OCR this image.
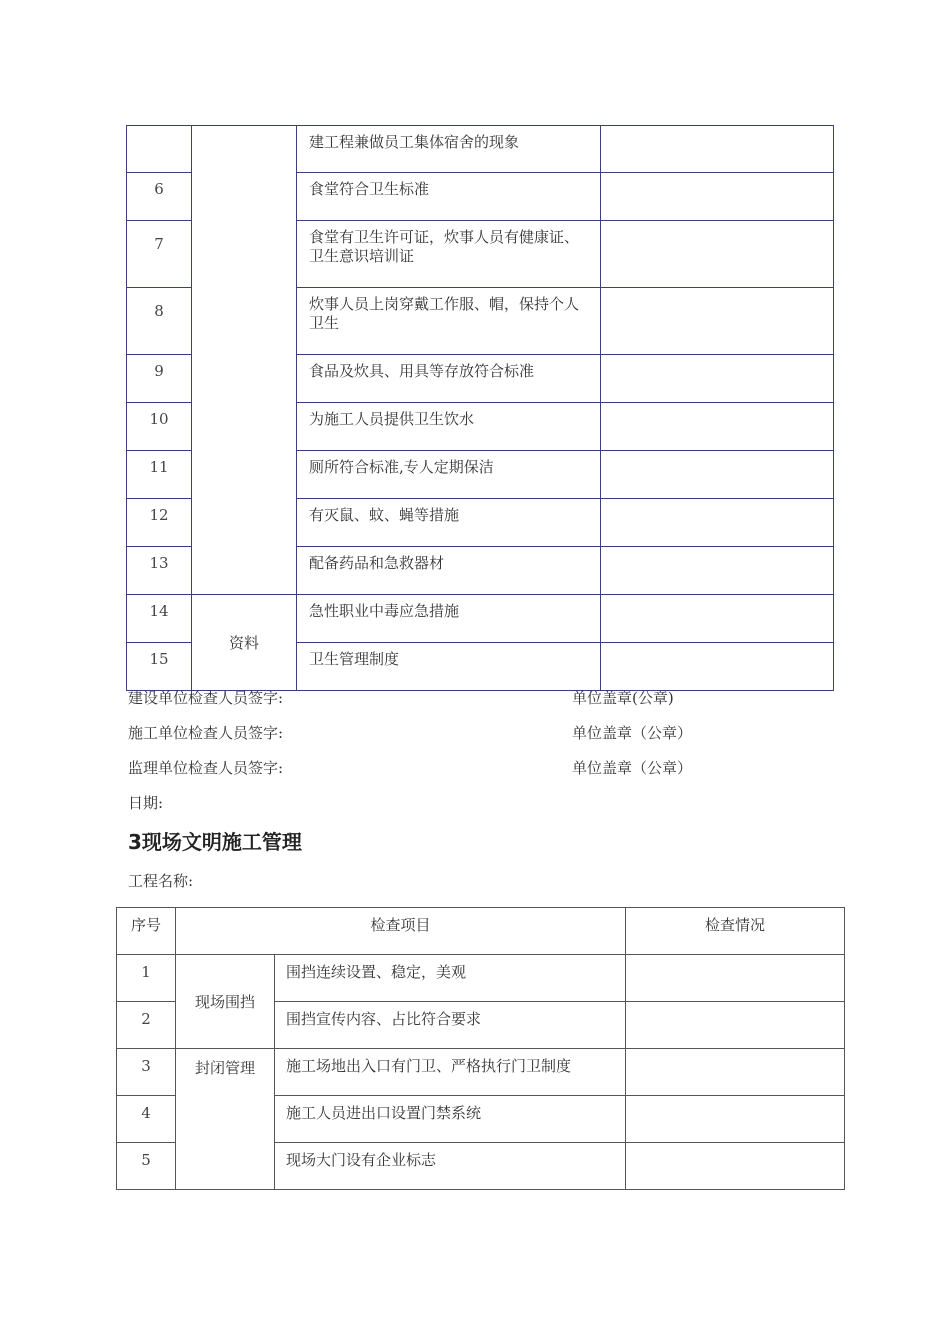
		建工程兼做员工集体宿舍的现象	
6		食堂符合卫生标准	
7		食堂有卫生许可证，炊事人员有健康证、卫生意识培训证	
8		炊事人员上岗穿戴工作服、帽，保持个人卫生	
9		食品及炊具、用具等存放符合标准	
10		为施工人员提供卫生饮水	
11		厕所符合标准,专人定期保洁	
12		有灭鼠、蚊、蝇等措施	
13		配备药品和急救器材	
14	资料	急性职业中毒应急措施	
15		卫生管理制度	
建设单位检查人员签字:	单位盖章(公章)
施工单位检查人员签字:	单位盖章（公章）
监理单位检查人员签字:	单位盖章（公章）
日期:
3现场文明施工管理
工程名称:
序号	检查项目		检查情况
1	现场围挡	围挡连续设置、稳定，美观	
2		围挡宣传内容、占比符合要求	
3	封闭管理	施工场地出入口有门卫、严格执行门卫制度	
4		施工人员进出口设置门禁系统	
5		现场大门设有企业标志	
